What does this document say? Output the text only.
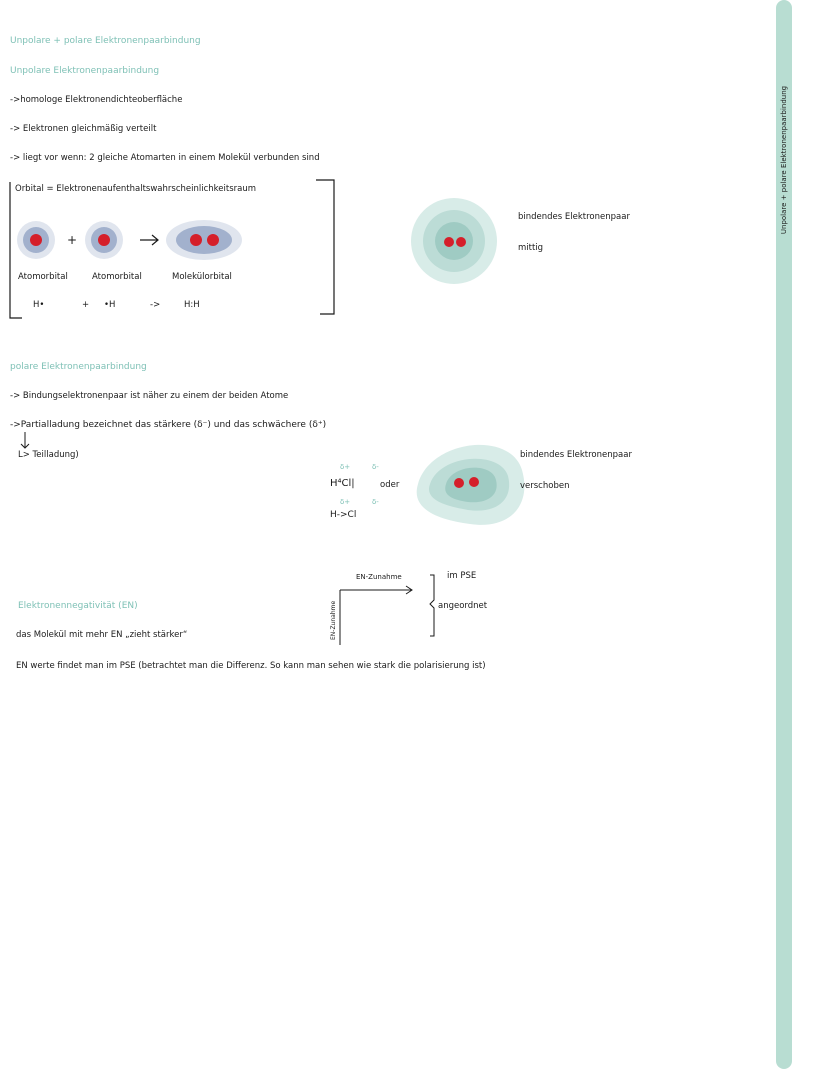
Unpolare + polare Elektronenpaarbindung
Unpolare + polare Elektronenpaarbindung
Unpolare Elektronenpaarbindung
->homologe Elektronendichteoberfläche
-> Elektronen gleichmäßig verteilt
-> liegt vor wenn: 2 gleiche Atomarten in einem Molekül verbunden sind
Orbital = Elektronenaufenthaltswahrscheinlichkeitsraum
+
Atomorbital	Atomorbital	Molekülorbital
H•	+ •H	->	H:H
bindendes Elektronenpaar
mittig
polare Elektronenpaarbindung
-> Bindungselektronenpaar ist näher zu einem der beiden Atome
->Partialladung bezeichnet das stärkere (δ⁻) und das schwächere (δ⁺)
L> Teilladung)
δ+	δ-
H⁴Cl|	oder
δ+	δ-
H->Cl
bindendes Elektronenpaar
verschoben
EN-Zunahme
EN-Zunahme
im PSE
angeordnet
Elektronennegativität (EN)
das Molekül mit mehr EN „zieht stärker“
EN werte findet man im PSE (betrachtet man die Differenz. So kann man sehen wie stark die polarisierung ist)
